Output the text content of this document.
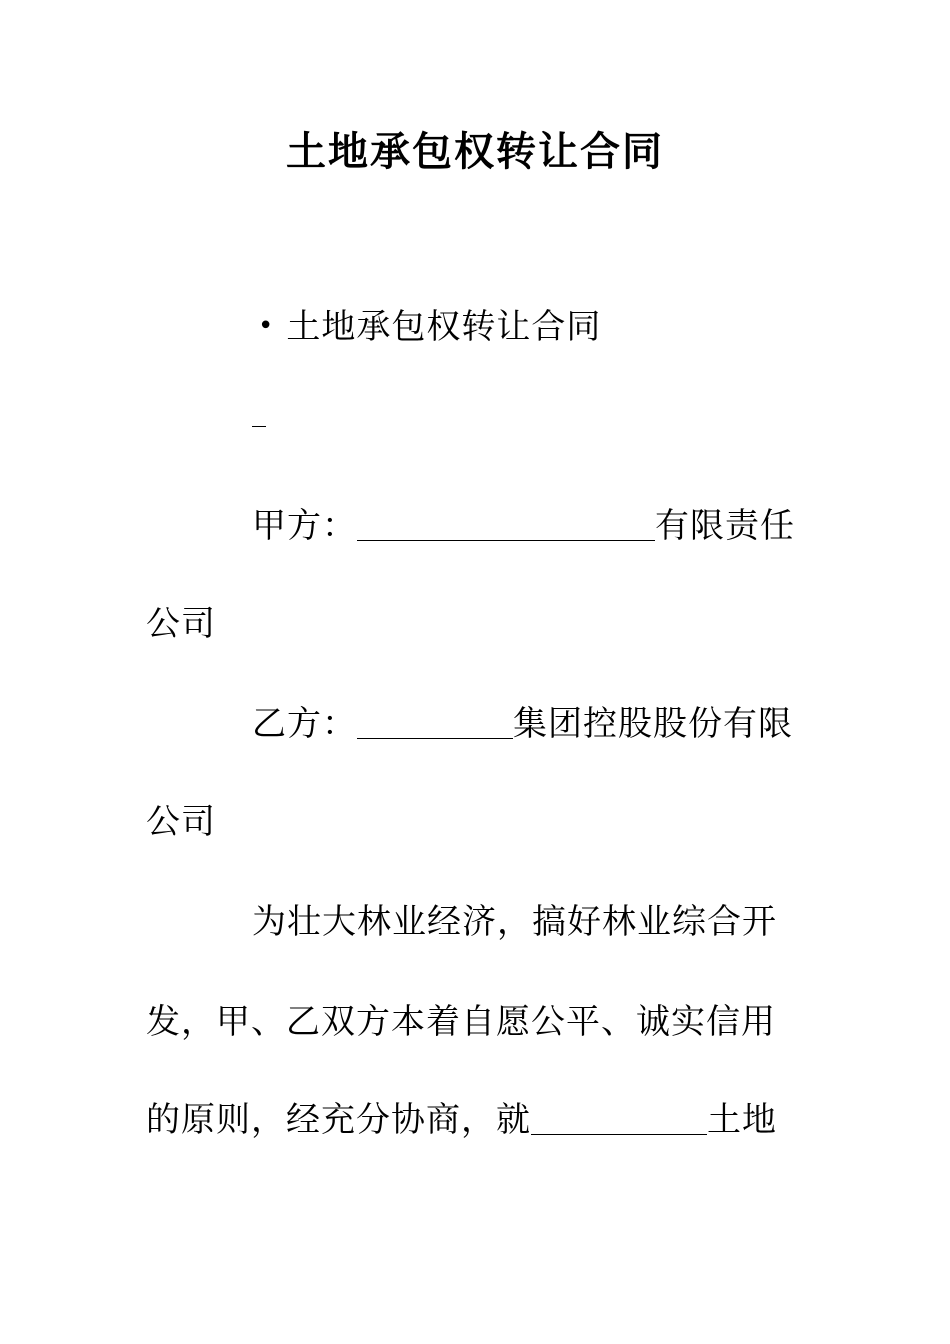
土地承包权转让合同
• 土地承包权转让合同
甲方：	有限责任
公司
乙方：	集团控股股份有限
公司
为壮大林业经济，搞好林业综合开
发，甲、乙双方本着自愿公平、诚实信用
的原则，经充分协商，就	土地
